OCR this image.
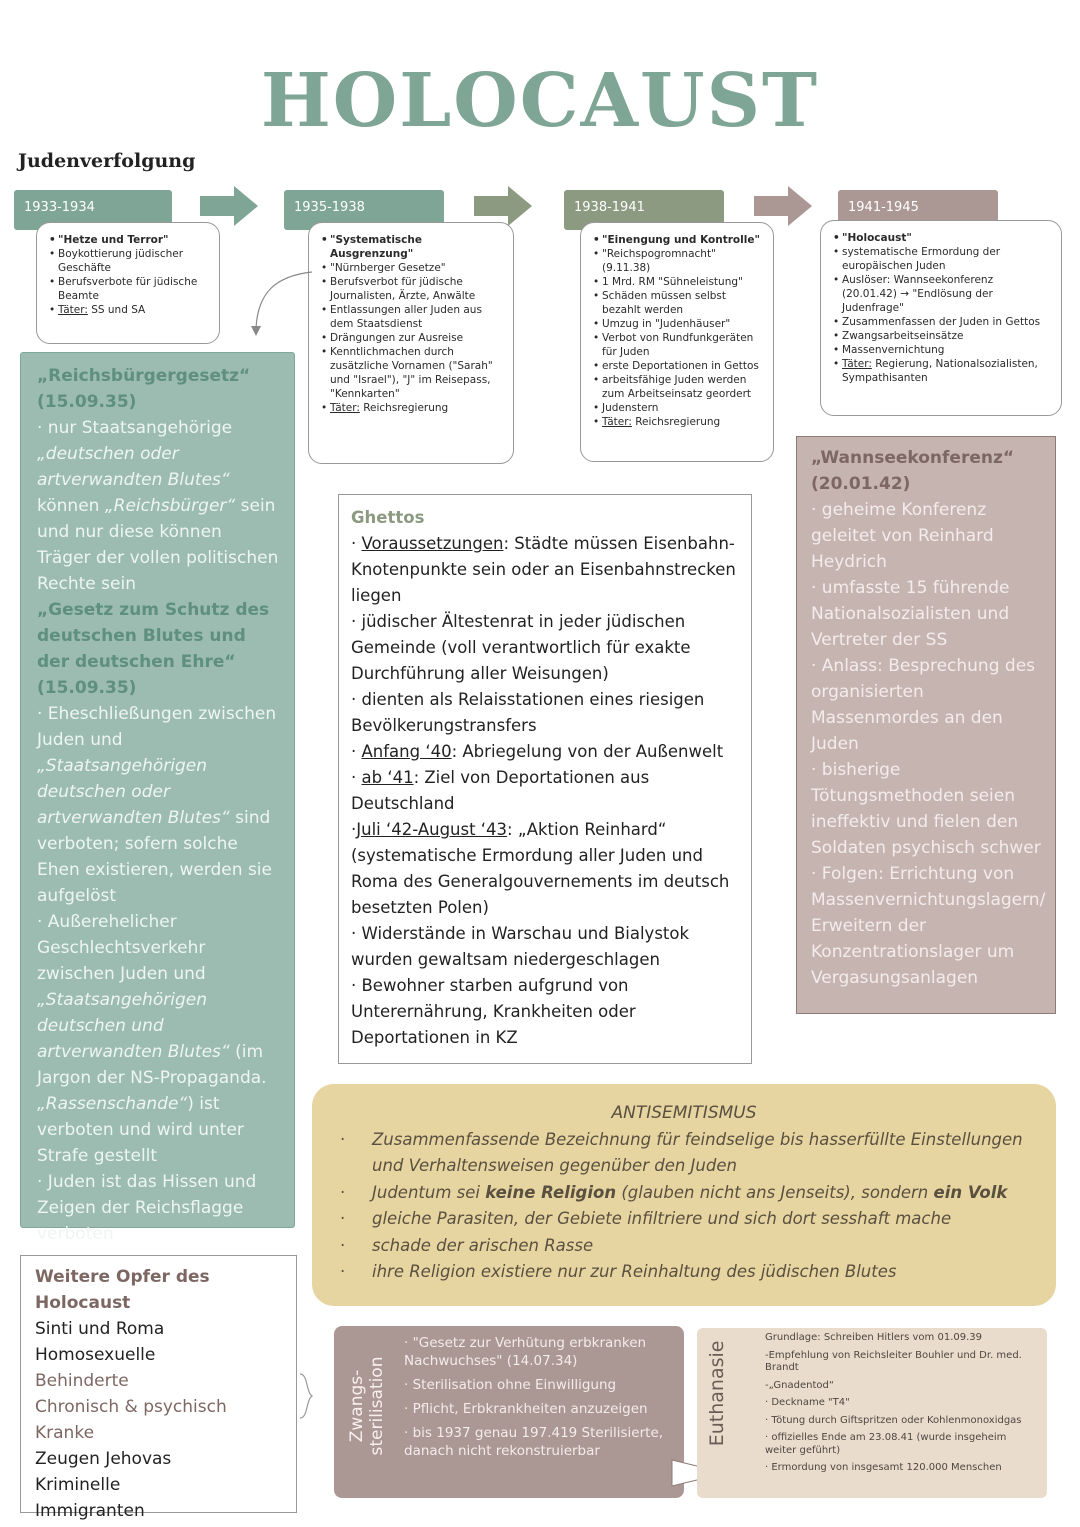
HOLOCAUST
Judenverfolgung
1933-1934	1935-1938	1938-1941	1941-1945
• "Hetze und Terror"
• Boykottierung jüdischer Geschäfte
• Berufsverbote für jüdische Beamte
• Täter: SS und SA
• "Systematische Ausgrenzung"
• "Nürnberger Gesetze"
• Berufsverbot für jüdische Journalisten, Ärzte, Anwälte
• Entlassungen aller Juden aus dem Staatsdienst
• Drängungen zur Ausreise
• Kenntlichmachen durch zusätzliche Vornamen ("Sarah" und "Israel"), "J" im Reisepass, "Kennkarten"
• Täter: Reichsregierung
• "Einengung und Kontrolle"
• "Reichspogromnacht" (9.11.38)
• 1 Mrd. RM "Sühneleistung"
• Schäden müssen selbst bezahlt werden
• Umzug in "Judenhäuser"
• Verbot von Rundfunkgeräten für Juden
• erste Deportationen in Gettos
• arbeitsfähige Juden werden zum Arbeitseinsatz geordert
• Judenstern
• Täter: Reichsregierung
• "Holocaust"
• systematische Ermordung der europäischen Juden
• Auslöser: Wannseekonferenz (20.01.42) → "Endlösung der Judenfrage"
• Zusammenfassen der Juden in Gettos
• Zwangsarbeitseinsätze
• Massenvernichtung
• Täter: Regierung, Nationalsozialisten, Sympathisanten
„Reichsbürgergesetz“ (15.09.35)
· nur Staatsangehörige „deutschen oder artverwandten Blutes“ können „Reichsbürger“ sein und nur diese können Träger der vollen politischen Rechte sein
„Gesetz zum Schutz des deutschen Blutes und der deutschen Ehre“ (15.09.35)
· Eheschließungen zwischen Juden und „Staatsangehörigen deutschen oder artverwandten Blutes“ sind verboten; sofern solche Ehen existieren, werden sie aufgelöst
· Außerehelicher Geschlechtsverkehr zwischen Juden und „Staatsangehörigen deutschen und artverwandten Blutes“ (im Jargon der NS-Propaganda. „Rassenschande“) ist verboten und wird unter Strafe gestellt
· Juden ist das Hissen und Zeigen der Reichsflagge verboten
Ghettos
· Voraussetzungen: Städte müssen Eisenbahn-Knotenpunkte sein oder an Eisenbahnstrecken liegen
· jüdischer Ältestenrat in jeder jüdischen Gemeinde (voll verantwortlich für exakte Durchführung aller Weisungen)
· dienten als Relaisstationen eines riesigen Bevölkerungstransfers
· Anfang ‘40: Abriegelung von der Außenwelt
· ab ‘41: Ziel von Deportationen aus Deutschland
·Juli ‘42-August ‘43: „Aktion Reinhard“ (systematische Ermordung aller Juden und Roma des Generalgouvernements im deutsch besetzten Polen)
· Widerstände in Warschau und Bialystok wurden gewaltsam niedergeschlagen
· Bewohner starben aufgrund von Unterernährung, Krankheiten oder Deportationen in KZ
„Wannseekonferenz“ (20.01.42)
· geheime Konferenz geleitet von Reinhard Heydrich
· umfasste 15 führende Nationalsozialisten und Vertreter der SS
· Anlass: Besprechung des organisierten Massenmordes an den Juden
· bisherige Tötungsmethoden seien ineffektiv und fielen den Soldaten psychisch schwer
· Folgen: Errichtung von Massenvernichtungslagern/ Erweitern der Konzentrationslager um Vergasungsanlagen
ANTISEMITISMUS
· Zusammenfassende Bezeichnung für feindselige bis hasserfüllte Einstellungen und Verhaltensweisen gegenüber den Juden
· Judentum sei keine Religion (glauben nicht ans Jenseits), sondern ein Volk
· gleiche Parasiten, der Gebiete infiltriere und sich dort sesshaft mache
· schade der arischen Rasse
· ihre Religion existiere nur zur Reinhaltung des jüdischen Blutes
Weitere Opfer des Holocaust
Sinti und Roma
Homosexuelle
Behinderte
Chronisch & psychisch Kranke
Zeugen Jehovas
Kriminelle
Immigranten
Zwangs-sterilisation
· "Gesetz zur Verhütung erbkranken Nachwuchses" (14.07.34)
· Sterilisation ohne Einwilligung
· Pflicht, Erbkrankheiten anzuzeigen
· bis 1937 genau 197.419 Sterilisierte, danach nicht rekonstruierbar
Euthanasie
Grundlage: Schreiben Hitlers vom 01.09.39
-Empfehlung von Reichsleiter Bouhler und Dr. med. Brandt
-„Gnadentod“
· Deckname "T4"
· Tötung durch Giftspritzen oder Kohlenmonoxidgas
· offizielles Ende am 23.08.41 (wurde insgeheim weiter geführt)
· Ermordung von insgesamt 120.000 Menschen
